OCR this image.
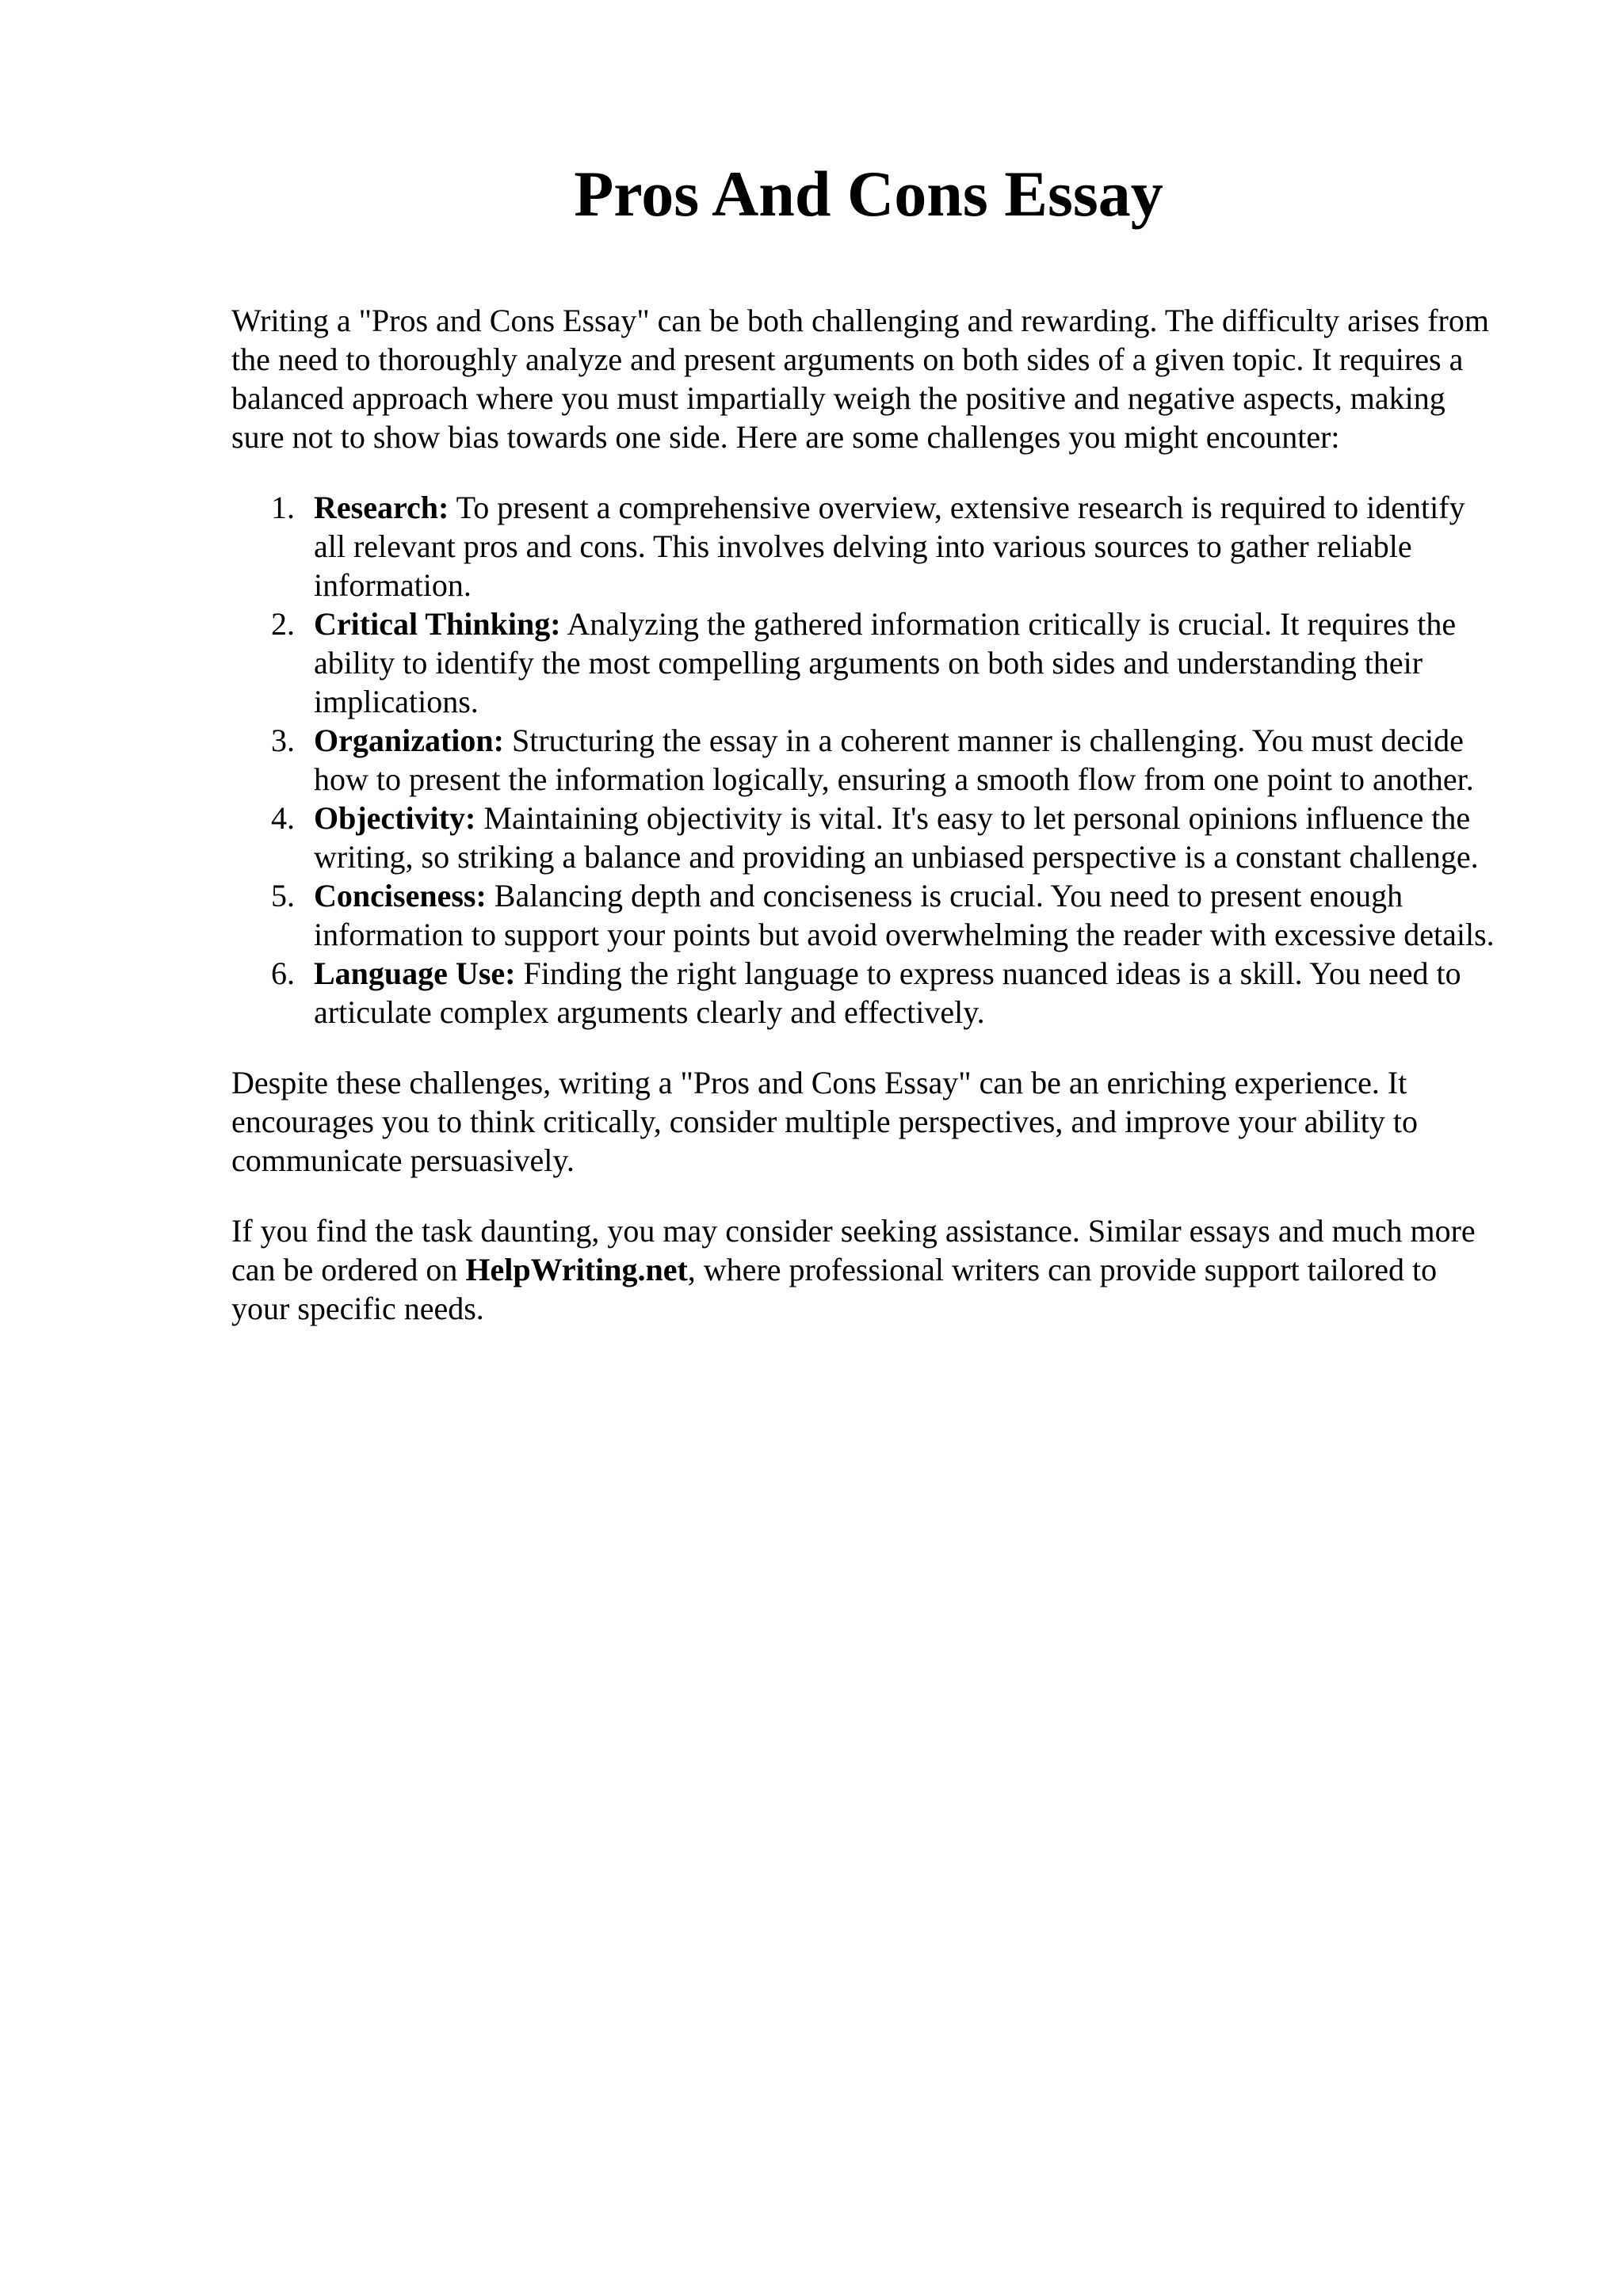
Pros And Cons Essay

Writing a "Pros and Cons Essay" can be both challenging and rewarding. The difficulty arises from the need to thoroughly analyze and present arguments on both sides of a given topic. It requires a balanced approach where you must impartially weigh the positive and negative aspects, making sure not to show bias towards one side. Here are some challenges you might encounter:

1. Research: To present a comprehensive overview, extensive research is required to identify all relevant pros and cons. This involves delving into various sources to gather reliable information.
2. Critical Thinking: Analyzing the gathered information critically is crucial. It requires the ability to identify the most compelling arguments on both sides and understanding their implications.
3. Organization: Structuring the essay in a coherent manner is challenging. You must decide how to present the information logically, ensuring a smooth flow from one point to another.
4. Objectivity: Maintaining objectivity is vital. It's easy to let personal opinions influence the writing, so striking a balance and providing an unbiased perspective is a constant challenge.
5. Conciseness: Balancing depth and conciseness is crucial. You need to present enough information to support your points but avoid overwhelming the reader with excessive details.
6. Language Use: Finding the right language to express nuanced ideas is a skill. You need to articulate complex arguments clearly and effectively.

Despite these challenges, writing a "Pros and Cons Essay" can be an enriching experience. It encourages you to think critically, consider multiple perspectives, and improve your ability to communicate persuasively.

If you find the task daunting, you may consider seeking assistance. Similar essays and much more can be ordered on HelpWriting.net, where professional writers can provide support tailored to your specific needs.
